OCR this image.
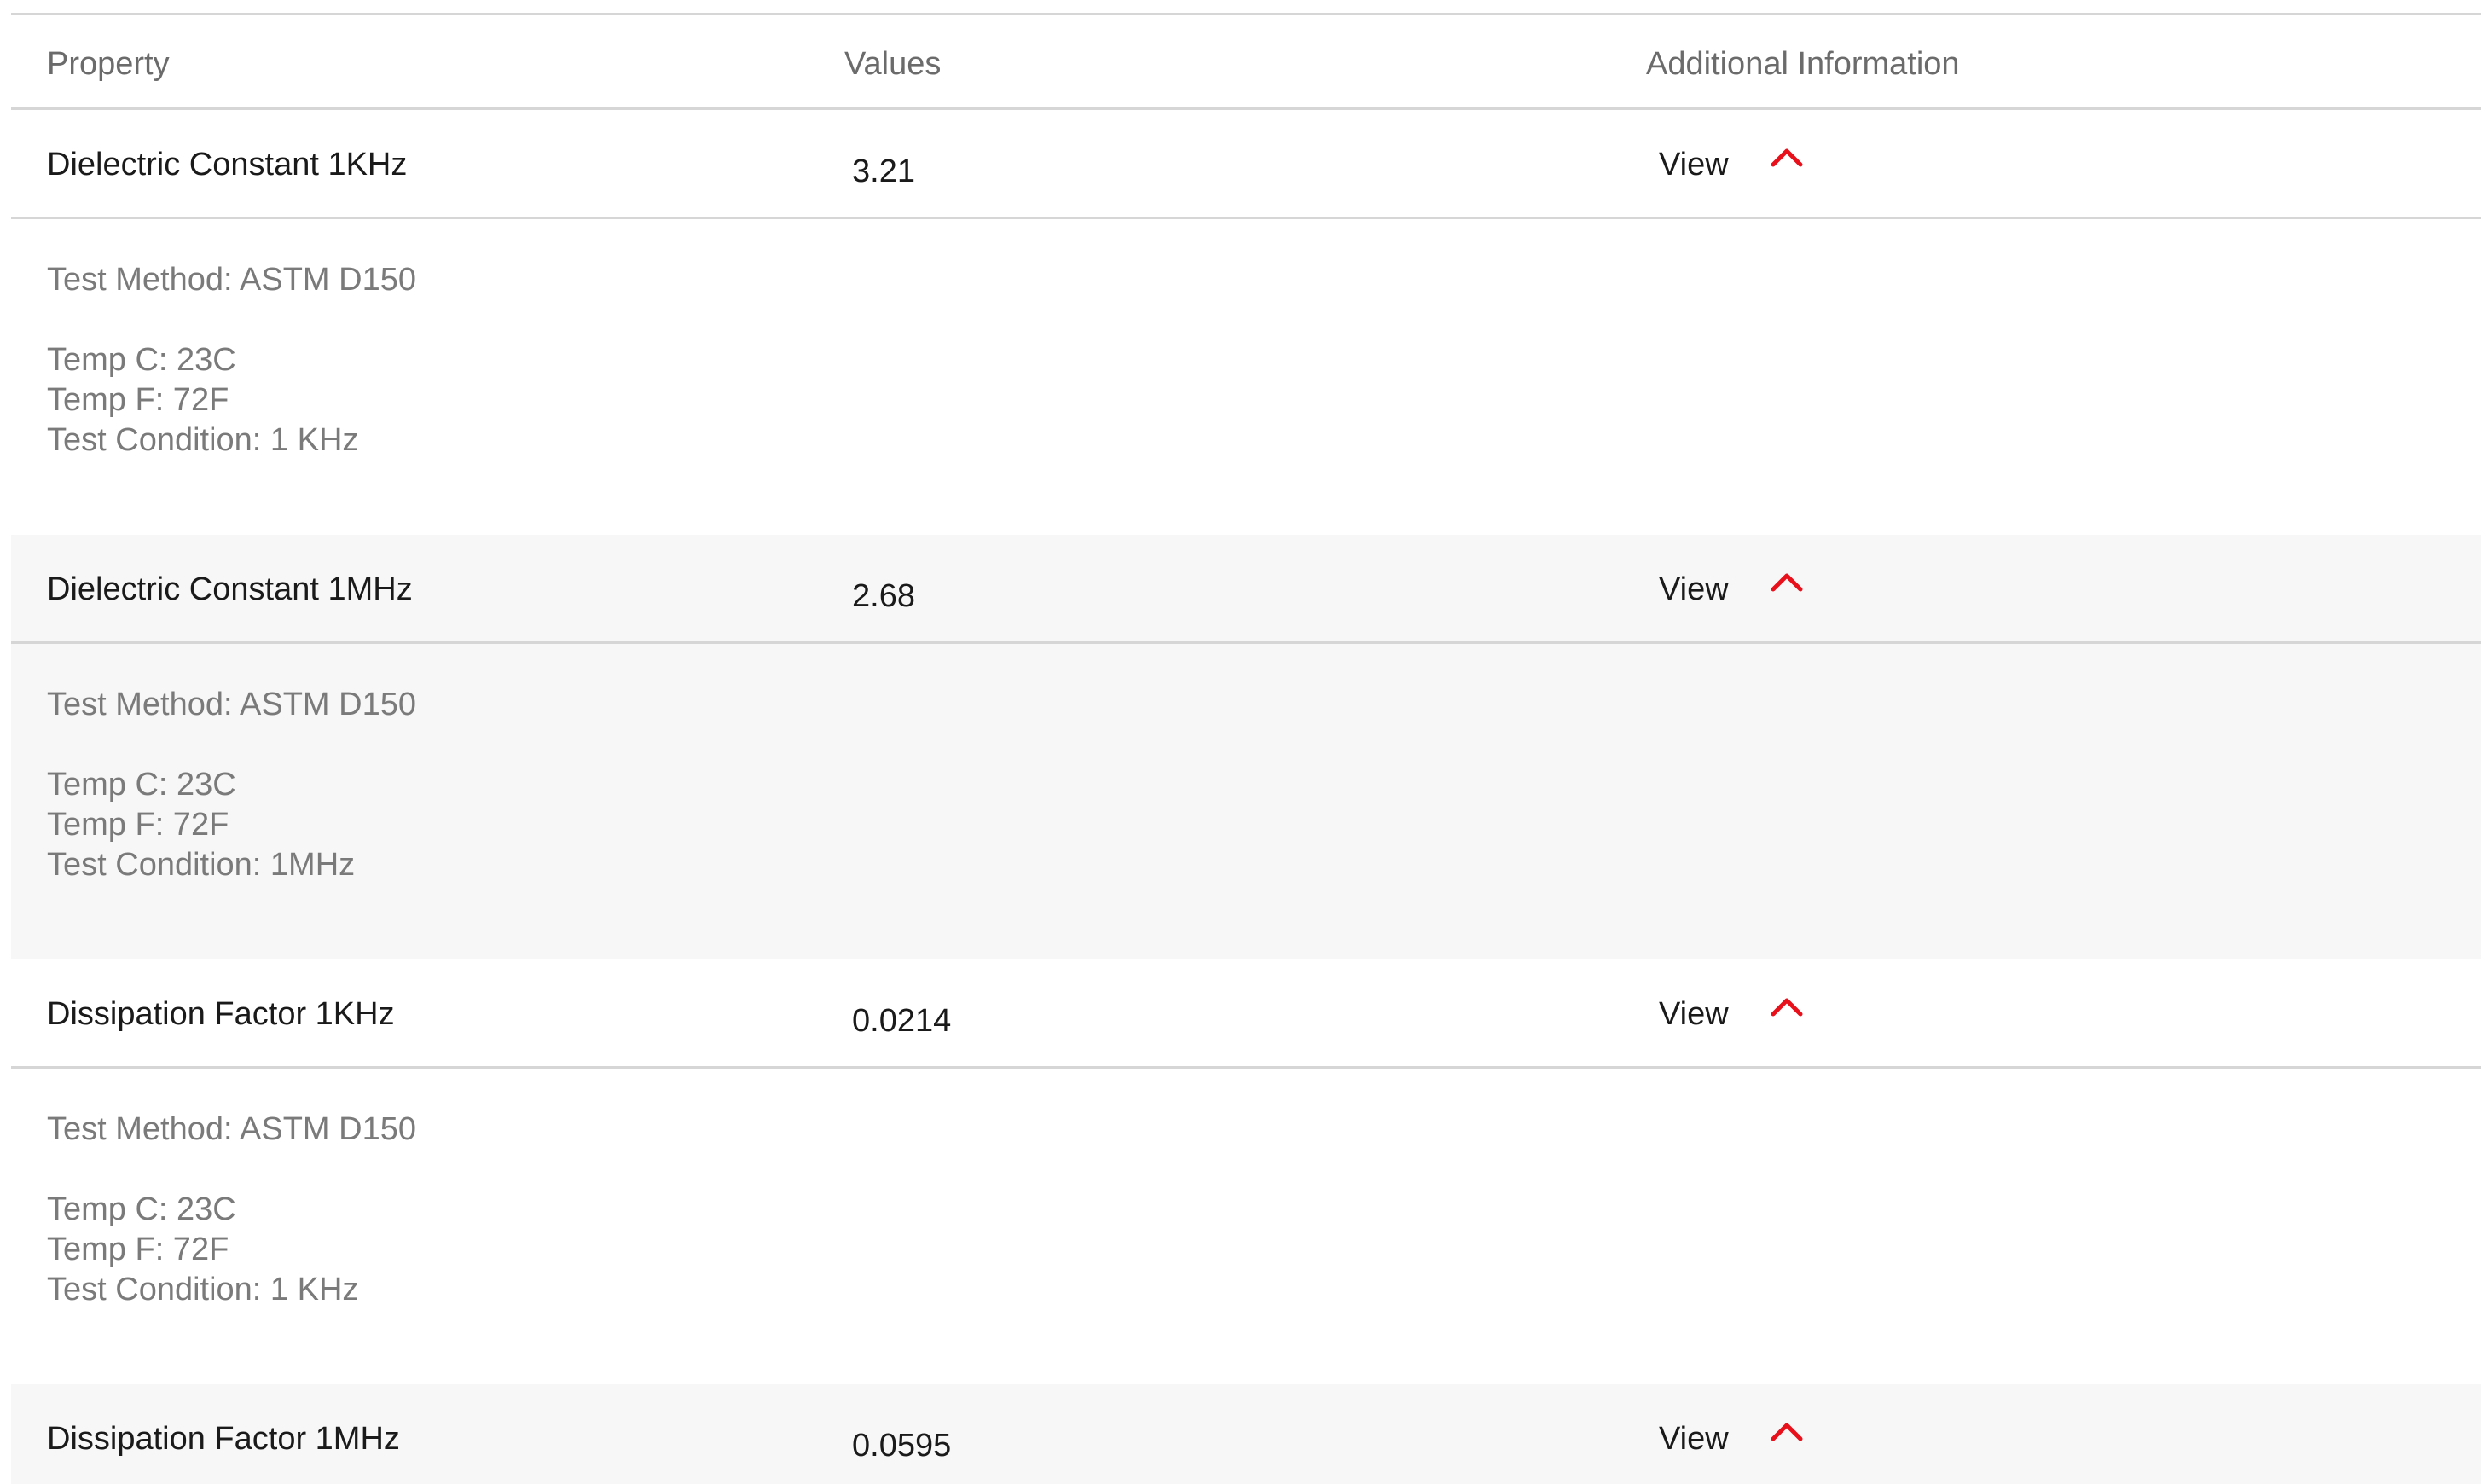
Property	Values	Additional Information
Dielectric Constant 1KHz	3.21	View
Test Method: ASTM D150
Temp C: 23C
Temp F: 72F
Test Condition: 1 KHz
Dielectric Constant 1MHz	2.68	View
Test Method: ASTM D150
Temp C: 23C
Temp F: 72F
Test Condition: 1MHz
Dissipation Factor 1KHz	0.0214	View
Test Method: ASTM D150
Temp C: 23C
Temp F: 72F
Test Condition: 1 KHz
Dissipation Factor 1MHz	0.0595	View
